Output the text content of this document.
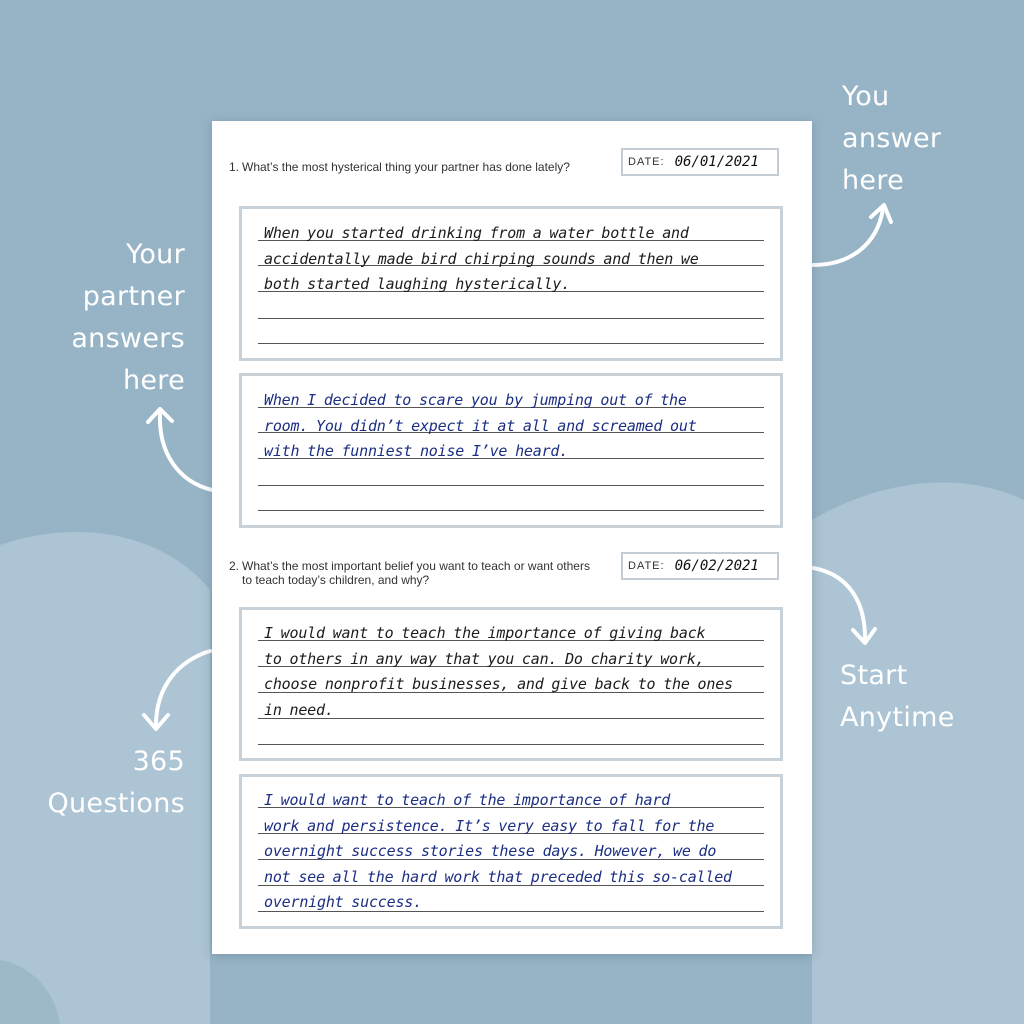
You
answer
here
Your
partner
answers
here
365
Questions
Start
Anytime
1. What’s the most hysterical thing your partner has done lately?	DATE: 06/01/2021
When you started drinking from a water bottle and
accidentally made bird chirping sounds and then we
both started laughing hysterically.
When I decided to scare you by jumping out of the
room. You didn’t expect it at all and screamed out
with the funniest noise I’ve heard.
2. What’s the most important belief you want to teach or want others to teach today’s children, and why?
DATE: 06/02/2021
I would want to teach the importance of giving back
to others in any way that you can. Do charity work,
choose nonprofit businesses, and give back to the ones
in need.
I would want to teach of the importance of hard
work and persistence. It’s very easy to fall for the
overnight success stories these days. However, we do
not see all the hard work that preceded this so-called
overnight success.
